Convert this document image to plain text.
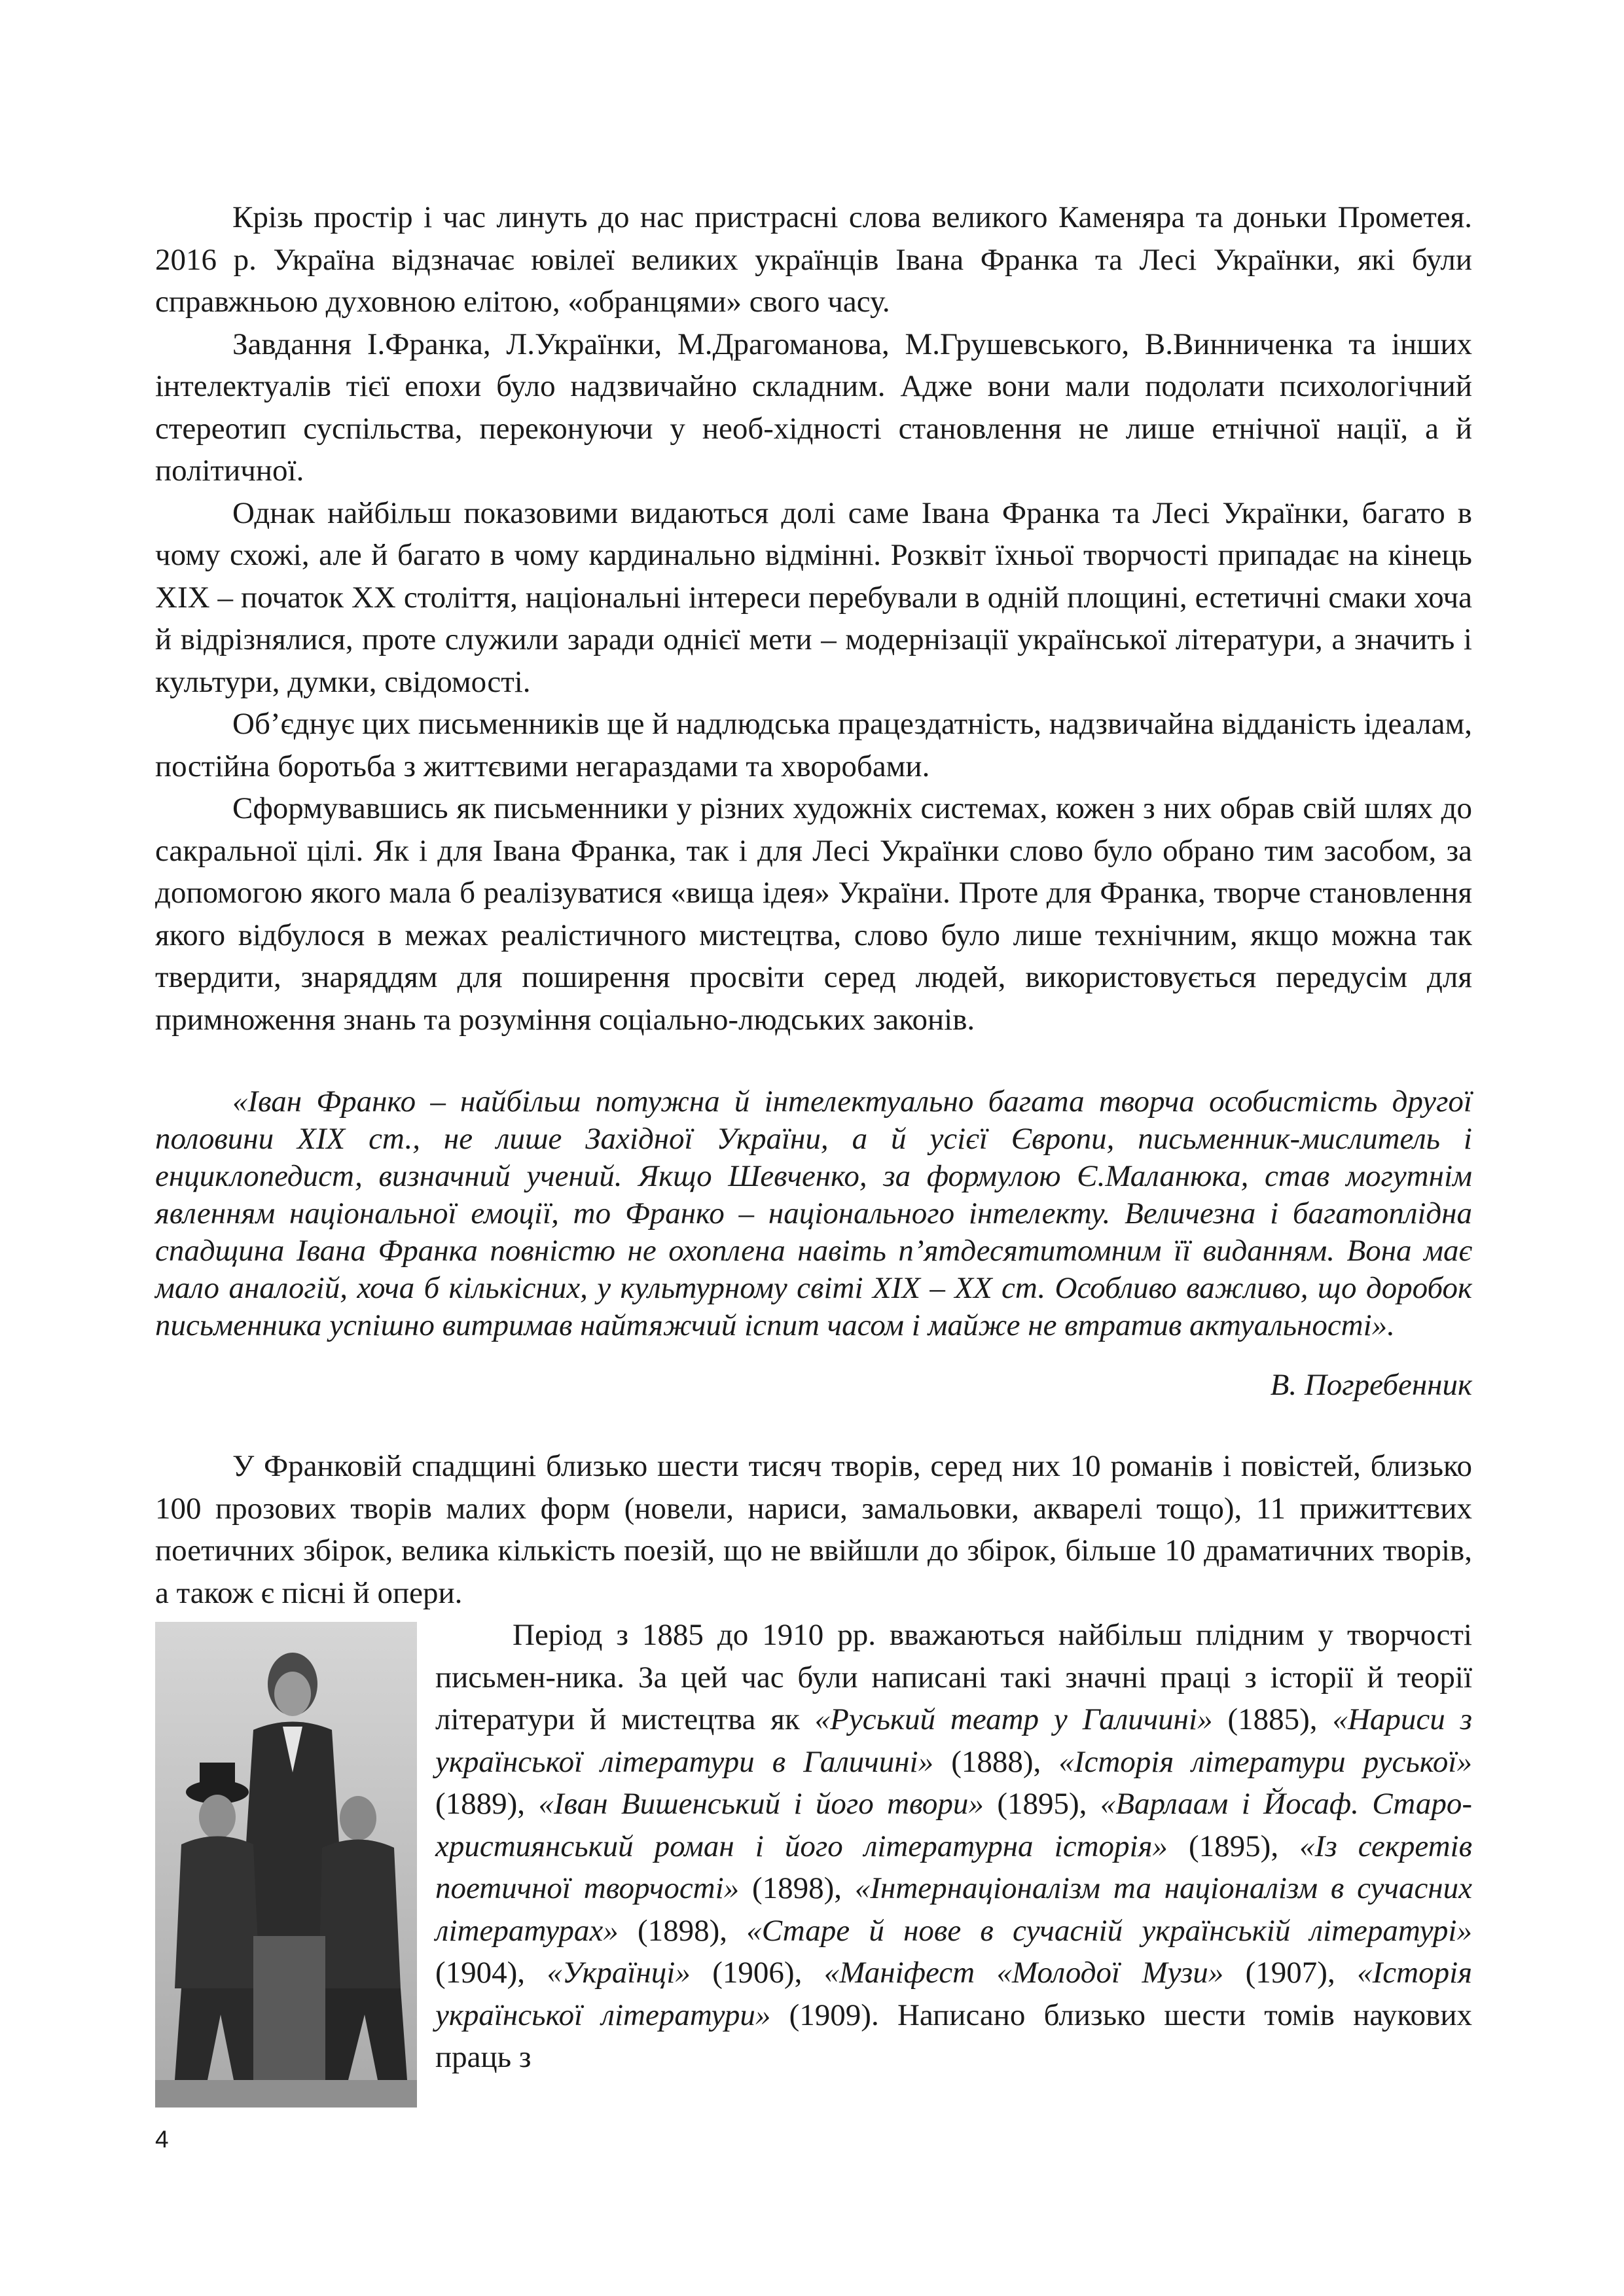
Крізь простір і час линуть до нас пристрасні слова великого Каменяра та доньки Прометея. 2016 р. Україна відзначає ювілеї великих українців Івана Франка та Лесі Українки, які були справжньою духовною елітою, «обранцями» свого часу.

Завдання І.Франка, Л.Українки, М.Драгоманова, М.Грушевського, В.Винниченка та інших інтелектуалів тієї епохи було надзвичайно складним. Адже вони мали подолати психологічний стереотип суспільства, переконуючи у необ-хідності становлення не лише етнічної нації, а й політичної.

Однак найбільш показовими видаються долі саме Івана Франка та Лесі Українки, багато в чому схожі, але й багато в чому кардинально відмінні. Розквіт їхньої творчості припадає на кінець XIX – початок XX століття, національні інтереси перебували в одній площині, естетичні смаки хоча й відрізнялися, проте служили заради однієї мети – модернізації української літератури, а значить і культури, думки, свідомості.

Об’єднує цих письменників ще й надлюдська працездатність, надзвичайна відданість ідеалам, постійна боротьба з життєвими негараздами та хворобами.

Сформувавшись як письменники у різних художніх системах, кожен з них обрав свій шлях до сакральної цілі. Як і для Івана Франка, так і для Лесі Українки слово було обрано тим засобом, за допомогою якого мала б реалізуватися «вища ідея» України. Проте для Франка, творче становлення якого відбулося в межах реалістичного мистецтва, слово було лише технічним, якщо можна так твердити, знаряддям для поширення просвіти серед людей, використовується передусім для примноження знань та розуміння соціально-людських законів.

«Іван Франко – найбільш потужна й інтелектуально багата творча особистість другої половини XIX ст., не лише Західної України, а й усієї Європи, письменник-мислитель і енциклопедист, визначний учений. Якщо Шевченко, за формулою Є.Маланюка, став могутнім явленням національної емоції, то Франко – національного інтелекту. Величезна і багатоплідна спадщина Івана Франка повністю не охоплена навіть п’ятдесятитомним її виданням. Вона має мало аналогій, хоча б кількісних, у культурному світі XIX – XX ст. Особливо важливо, що доробок письменника успішно витримав найтяжчий іспит часом і майже не втратив актуальності».

В. Погребенник

У Франковій спадщині близько шести тисяч творів, серед них 10 романів і повістей, близько 100 прозових творів малих форм (новели, нариси, замальовки, акварелі тощо), 11 прижиттєвих поетичних збірок, велика кількість поезій, що не ввійшли до збірок, більше 10 драматичних творів, а також є пісні й опери.

Період з 1885 до 1910 рр. вважаються найбільш плідним у творчості письмен-ника. За цей час були написані такі значні праці з історії й теорії літератури й мистецтва як «Руський театр у Галичині» (1885), «Нариси з української літератури в Галичині» (1888), «Історія літератури руської» (1889), «Іван Вишенський і його твори» (1895), «Варлаам і Йосаф. Старо-християнський роман і його літературна історія» (1895), «Із секретів поетичної творчості» (1898), «Інтернаціоналізм та націоналізм в сучасних літературах» (1898), «Старе й нове в сучасній українській літературі» (1904), «Українці» (1906), «Маніфест «Молодої Музи» (1907), «Історія української літератури» (1909). Написано близько шести томів наукових праць з

4
